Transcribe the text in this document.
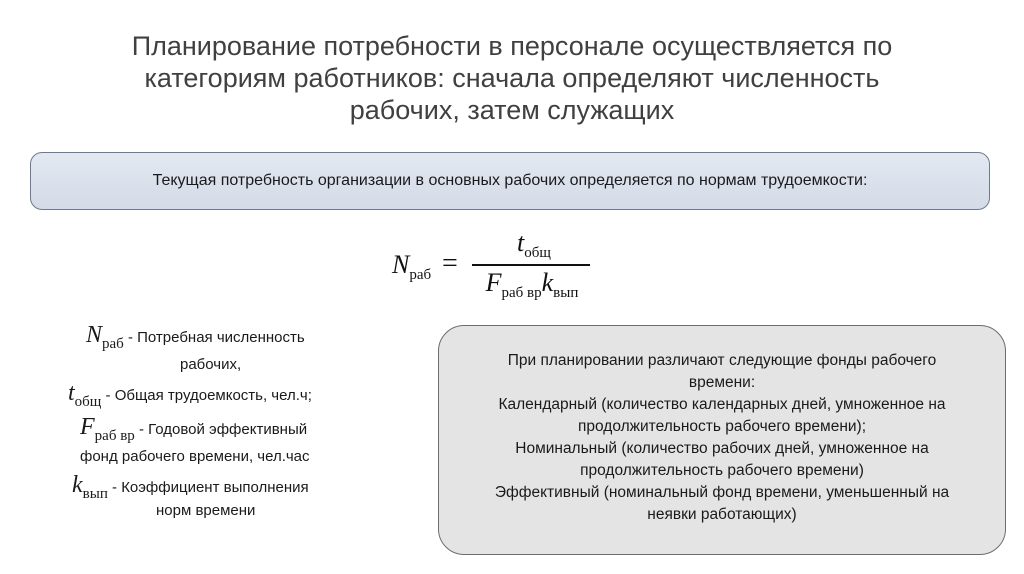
Планирование потребности в персонале осуществляется по
категориям работников: сначала определяют численность
рабочих, затем служащих
Текущая потребность организации в основных рабочих определяется по нормам трудоемкости:
$N_{раб}$ =
$t_{общ}$
$F_{раб вр}k_{вып}$
$N_{раб}$ - Потребная численность
рабочих,
$t_{общ}$ - Общая трудоемкость, чел.ч;
$F_{раб вр}$ - Годовой эффективный
фонд рабочего времени, чел.час
$k_{вып}$ - Коэффициент выполнения
норм времени
При планировании различают следующие фонды рабочего
времени:
Календарный (количество календарных дней, умноженное на
продолжительность рабочего времени);
Номинальный (количество рабочих дней, умноженное на
продолжительность рабочего времени)
Эффективный (номинальный фонд времени, уменьшенный на
неявки работающих)
